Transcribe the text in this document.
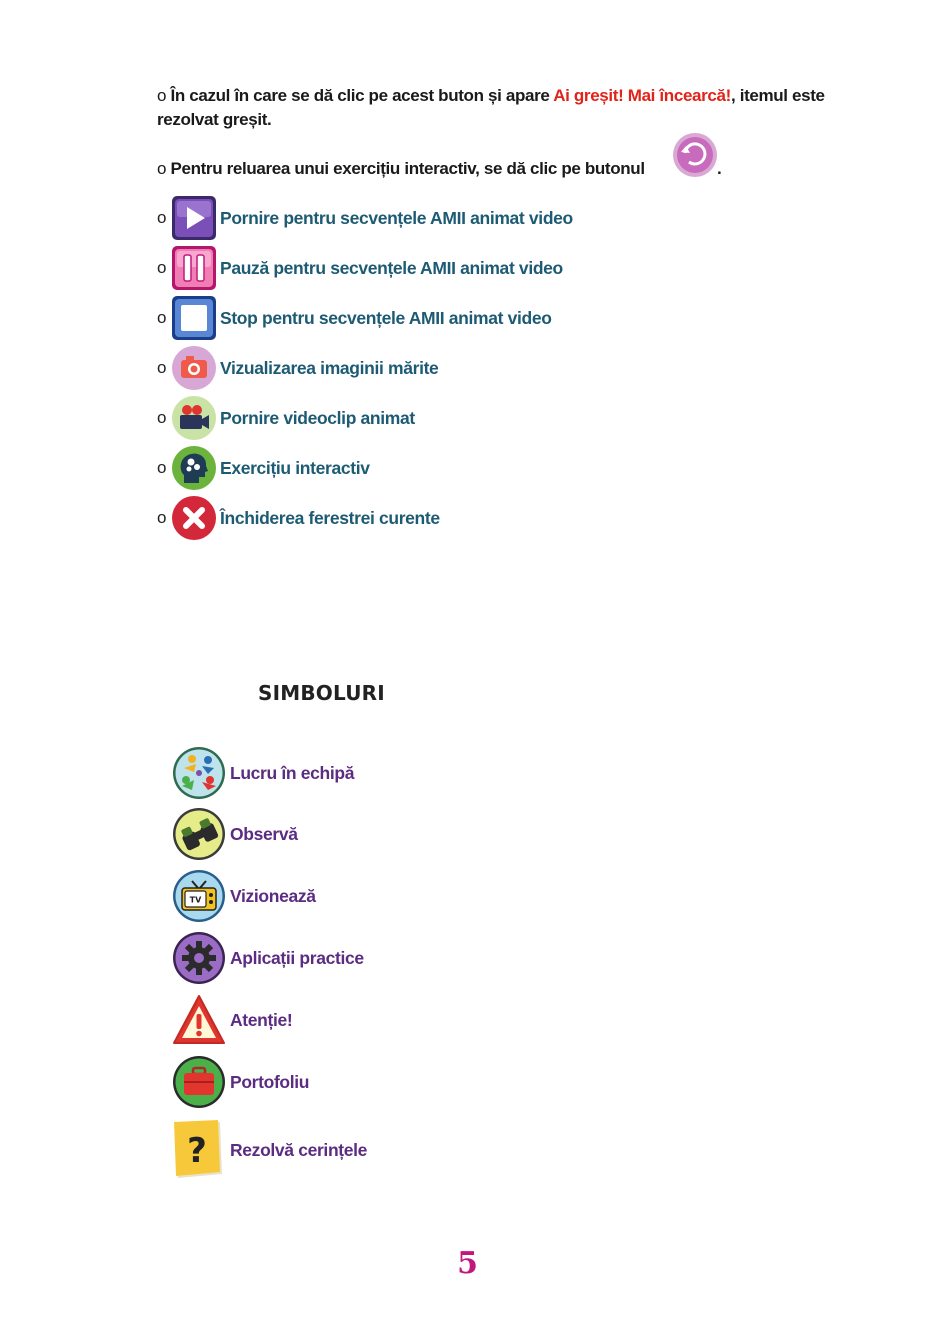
o În cazul în care se dă clic pe acest buton și apare Ai greșit! Mai încearcă!, itemul este
rezolvat greșit.
o Pentru reluarea unui exercițiu interactiv, se dă clic pe butonul	.
o	Pornire pentru secvențele AMII animat video
o	Pauză pentru secvențele AMII animat video
o	Stop pentru secvențele AMII animat video
o	Vizualizarea imaginii mărite
o	Pornire videoclip animat
o	Exercițiu interactiv
o	Închiderea ferestrei curente
SIMBOLURI
Lucru în echipă
Observă
TV Vizionează
Aplicații practice
Atenție!
Portofoliu
? Rezolvă cerințele
5
